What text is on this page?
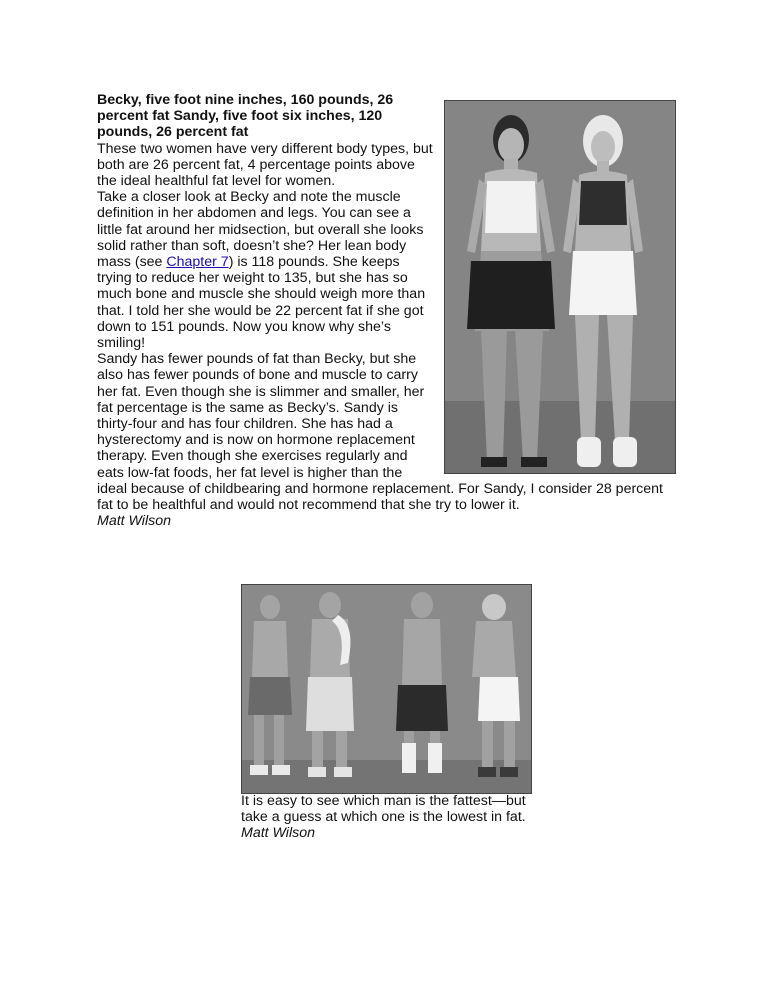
Becky, five foot nine inches, 160 pounds, 26 percent fat Sandy, five foot six inches, 120 pounds, 26 percent fat

These two women have very different body types, but both are 26 percent fat, 4 percentage points above the ideal healthful fat level for women.

Take a closer look at Becky and note the muscle definition in her abdomen and legs. You can see a little fat around her midsection, but overall she looks solid rather than soft, doesn’t she? Her lean body mass (see Chapter 7) is 118 pounds. She keeps trying to reduce her weight to 135, but she has so much bone and muscle she should weigh more than that. I told her she would be 22 percent fat if she got down to 151 pounds. Now you know why she’s smiling!

Sandy has fewer pounds of fat than Becky, but she also has fewer pounds of bone and muscle to carry her fat. Even though she is slimmer and smaller, her fat percentage is the same as Becky’s. Sandy is thirty-four and has four children. She has had a hysterectomy and is now on hormone replacement therapy. Even though she exercises regularly and eats low-fat foods, her fat level is higher than the

ideal because of childbearing and hormone replacement. For Sandy, I consider 28 percent fat to be healthful and would not recommend that she try to lower it.

Matt Wilson

It is easy to see which man is the fattest—but take a guess at which one is the lowest in fat.

Matt Wilson
